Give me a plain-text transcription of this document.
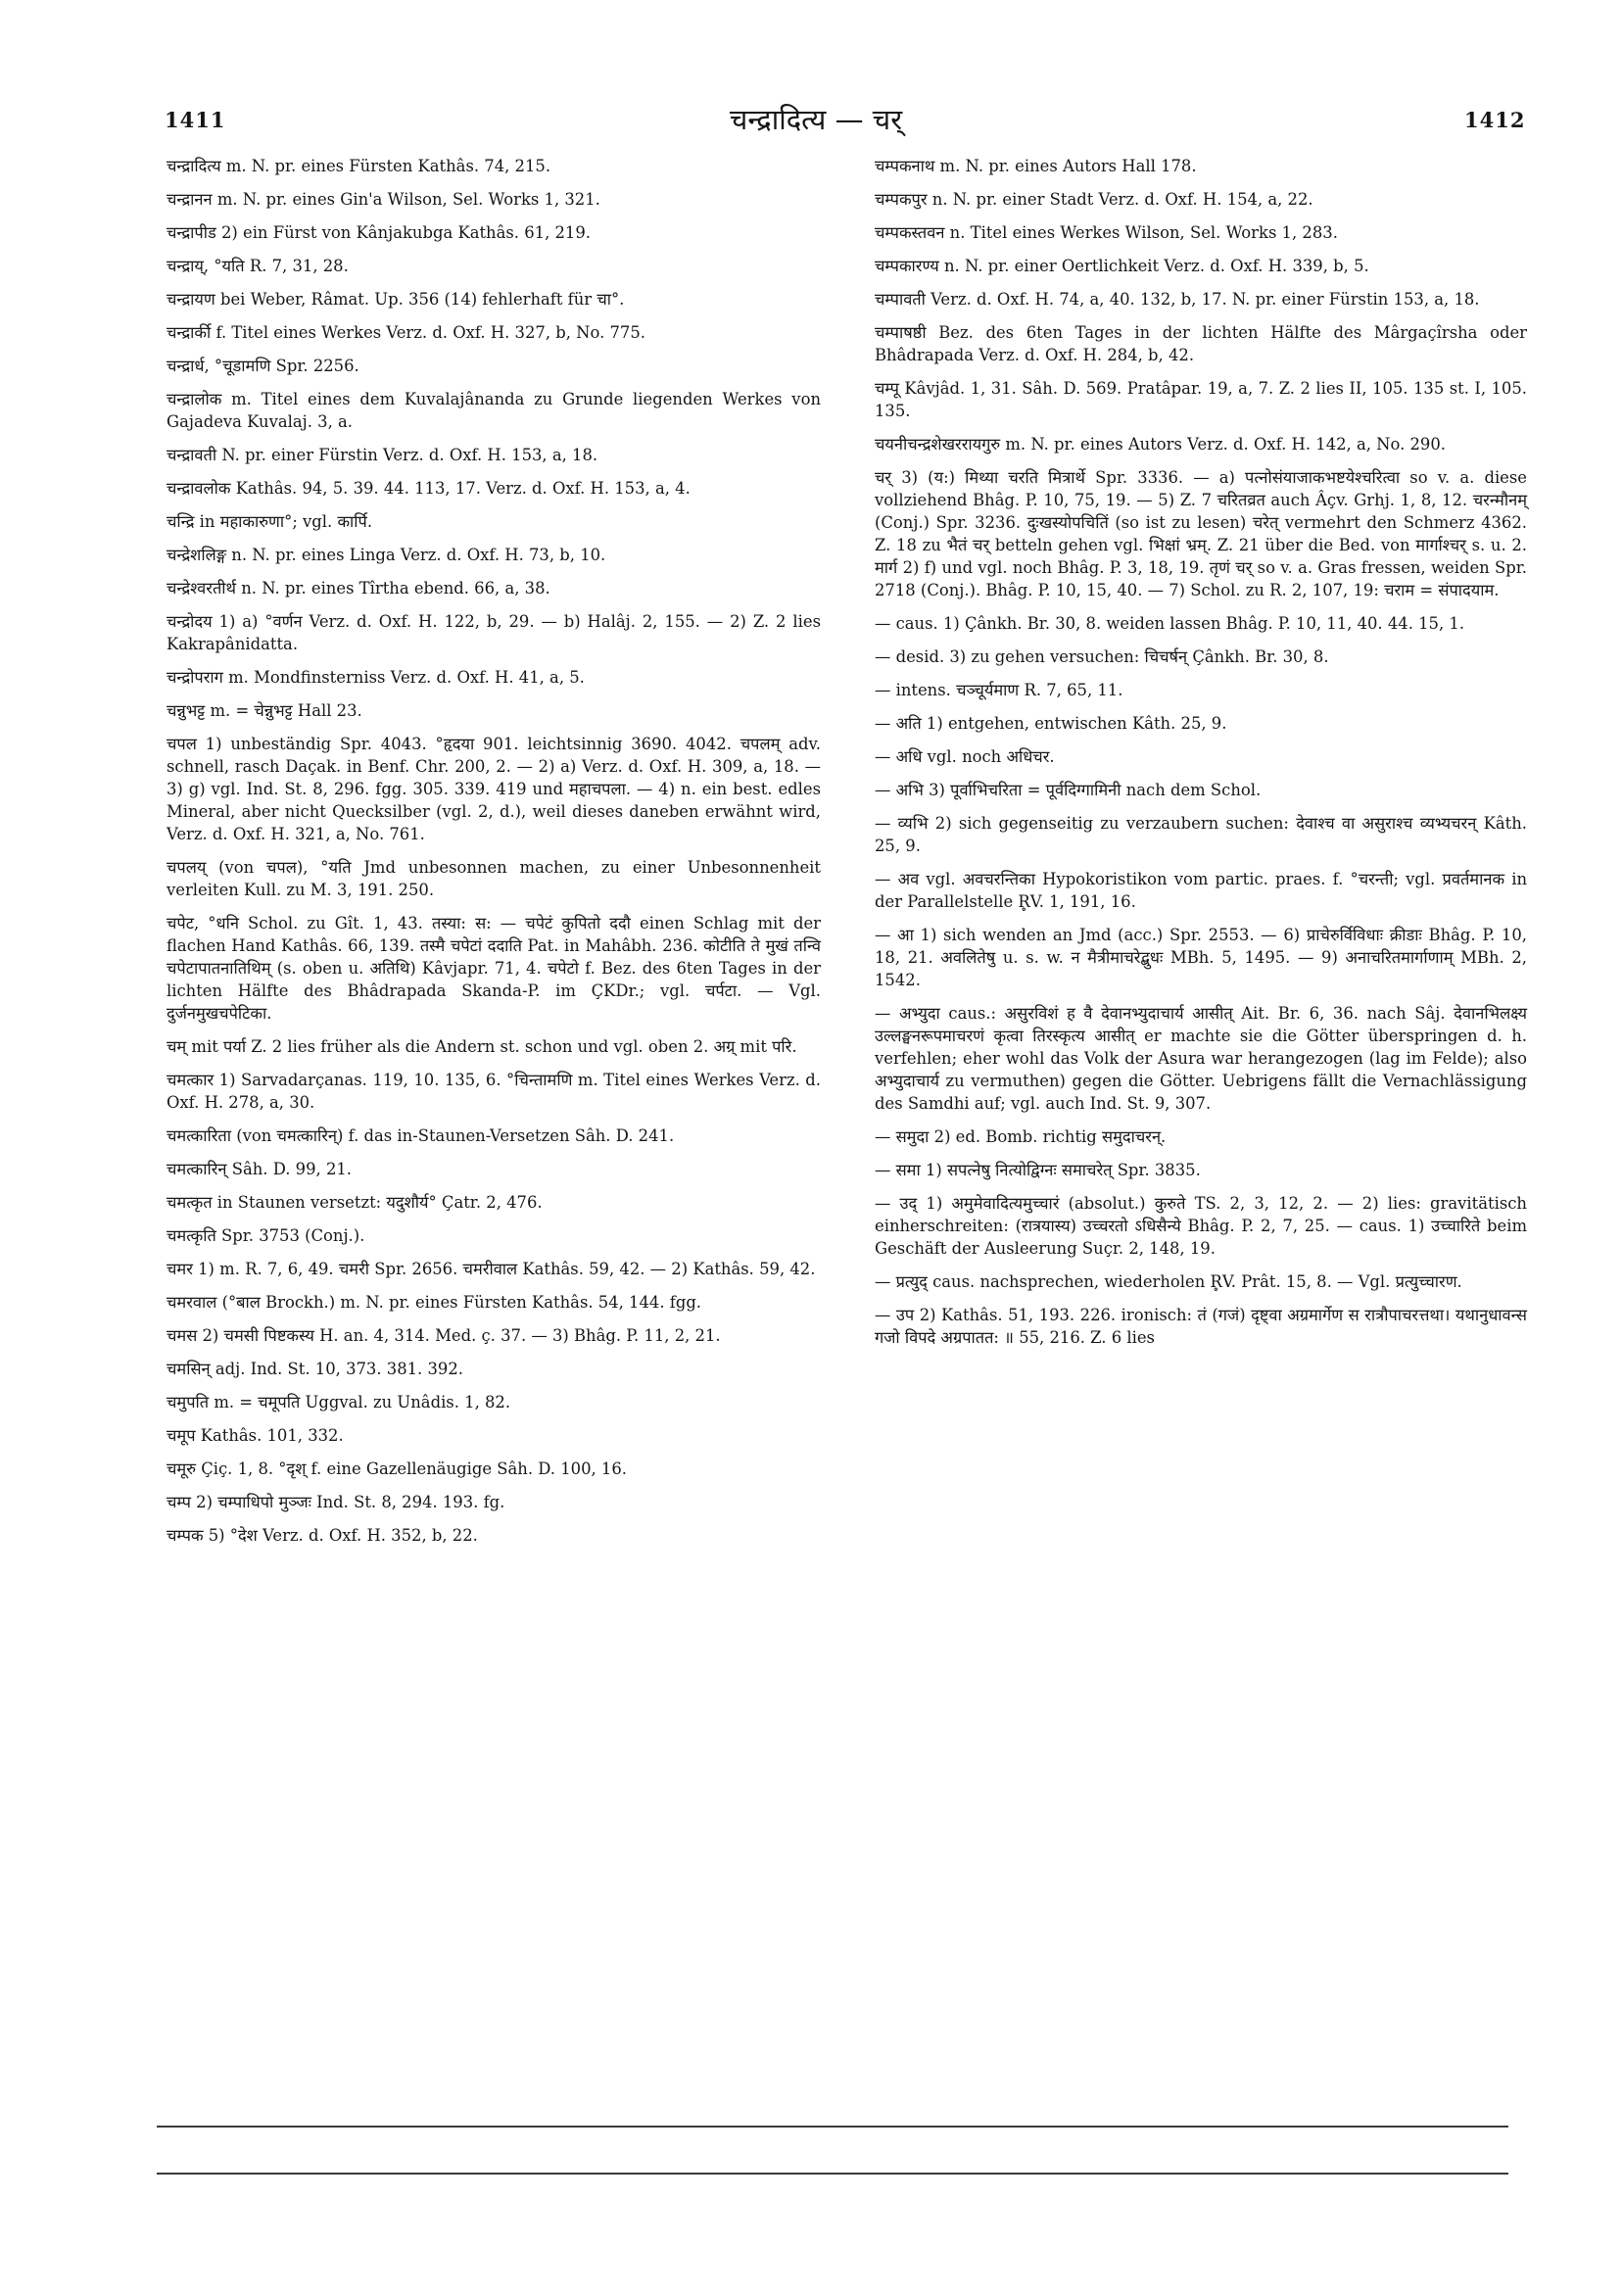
1411	चन्द्रादित्य — चर्	1412

चन्द्रादित्य m. N. pr. eines Fürsten Kathâs. 74, 215.

चन्द्रानन m. N. pr. eines Gin'a Wilson, Sel. Works 1, 321.

चन्द्रापीड 2) ein Fürst von Kânjakubga Kathâs. 61, 219.

चन्द्राय्, °यति R. 7, 31, 28.

चन्द्रायण bei Weber, Râmat. Up. 356 (14) fehlerhaft für चा°.

चन्द्रार्की f. Titel eines Werkes Verz. d. Oxf. H. 327, b, No. 775.

चन्द्रार्ध, °चूडामणि Spr. 2256.

चन्द्रालोक m. Titel eines dem Kuvalajânanda zu Grunde liegenden Werkes von Gajadeva Kuvalaj. 3, a.

चन्द्रावती N. pr. einer Fürstin Verz. d. Oxf. H. 153, a, 18.

चन्द्रावलोक Kathâs. 94, 5. 39. 44. 113, 17. Verz. d. Oxf. H. 153, a, 4.

चन्द्रि in महाकारुणा°; vgl. कार्पि.

चन्द्रेशलिङ्ग n. N. pr. eines Linga Verz. d. Oxf. H. 73, b, 10.

चन्द्रेश्वरतीर्थ n. N. pr. eines Tîrtha ebend. 66, a, 38.

चन्द्रोदय 1) a) °वर्णन Verz. d. Oxf. H. 122, b, 29. — b) Halâj. 2, 155. — 2) Z. 2 lies Kakrapânidatta.

चन्द्रोपराग m. Mondfinsterniss Verz. d. Oxf. H. 41, a, 5.

चन्नुभट्ट m. = चेन्नुभट्ट Hall 23.

चपल 1) unbeständig Spr. 4043. °हृदया 901. leichtsinnig 3690. 4042. चपलम् adv. schnell, rasch Daçak. in Benf. Chr. 200, 2. — 2) a) Verz. d. Oxf. H. 309, a, 18. — 3) g) vgl. Ind. St. 8, 296. fgg. 305. 339. 419 und महाचपला. — 4) n. ein best. edles Mineral, aber nicht Quecksilber (vgl. 2, d.), weil dieses daneben erwähnt wird, Verz. d. Oxf. H. 321, a, No. 761.

चपलय् (von चपल), °यति Jmd unbesonnen machen, zu einer Unbesonnenheit verleiten Kull. zu M. 3, 191. 250.

चपेट, °धनि Schol. zu Gît. 1, 43. तस्या: स: — चपेटं कुपितो ददौ einen Schlag mit der flachen Hand Kathâs. 66, 139. तस्मै चपेटां ददाति Pat. in Mahâbh. 236. कोटीति ते मुखं तन्वि चपेटापातनातिथिम् (s. oben u. अतिथि) Kâvjapr. 71, 4. चपेटो f. Bez. des 6ten Tages in der lichten Hälfte des Bhâdrapada Skanda-P. im ÇKDr.; vgl. चर्पटा. — Vgl. दुर्जनमुखचपेटिका.

चम् mit पर्या Z. 2 lies früher als die Andern st. schon und vgl. oben 2. अग्र् mit परि.

चमत्कार 1) Sarvadarçanas. 119, 10. 135, 6. °चिन्तामणि m. Titel eines Werkes Verz. d. Oxf. H. 278, a, 30.

चमत्कारिता (von चमत्कारिन्) f. das in-Staunen-Versetzen Sâh. D. 241.

चमत्कारिन् Sâh. D. 99, 21.

चमत्कृत in Staunen versetzt: यदुशौर्य° Çatr. 2, 476.

चमत्कृति Spr. 3753 (Conj.).

चमर 1) m. R. 7, 6, 49. चमरी Spr. 2656. चमरीवाल Kathâs. 59, 42. — 2) Kathâs. 59, 42.

चमरवाल (°बाल Brockh.) m. N. pr. eines Fürsten Kathâs. 54, 144. fgg.

चमस 2) चमसी पिष्टकस्य H. an. 4, 314. Med. ç. 37. — 3) Bhâg. P. 11, 2, 21.

चमसिन् adj. Ind. St. 10, 373. 381. 392.

चमुपति m. = चमूपति Uggval. zu Unâdis. 1, 82.

चमूप Kathâs. 101, 332.

चमूरु Çiç. 1, 8. °दृश् f. eine Gazellenäugige Sâh. D. 100, 16.

चम्प 2) चम्पाधिपो मुञ्जः Ind. St. 8, 294. 193. fg.

चम्पक 5) °देश Verz. d. Oxf. H. 352, b, 22.

चम्पकनाथ m. N. pr. eines Autors Hall 178.

चम्पकपुर n. N. pr. einer Stadt Verz. d. Oxf. H. 154, a, 22.

चम्पकस्तवन n. Titel eines Werkes Wilson, Sel. Works 1, 283.

चम्पकारण्य n. N. pr. einer Oertlichkeit Verz. d. Oxf. H. 339, b, 5.

चम्पावती Verz. d. Oxf. H. 74, a, 40. 132, b, 17. N. pr. einer Fürstin 153, a, 18.

चम्पाषष्ठी Bez. des 6ten Tages in der lichten Hälfte des Mârgaçîrsha oder Bhâdrapada Verz. d. Oxf. H. 284, b, 42.

चम्पू Kâvjâd. 1, 31. Sâh. D. 569. Pratâpar. 19, a, 7. Z. 2 lies II, 105. 135 st. I, 105. 135.

चयनीचन्द्रशेखररायगुरु m. N. pr. eines Autors Verz. d. Oxf. H. 142, a, No. 290.

चर् 3) (य:) मिथ्या चरति मित्रार्थे Spr. 3336. — a) पत्नोसंयाजाकभष्टयेश्चरित्वा so v. a. diese vollziehend Bhâg. P. 10, 75, 19. — 5) Z. 7 चरितव्रत auch Âçv. Grhj. 1, 8, 12. चरन्मौनम् (Conj.) Spr. 3236. दुःखस्योपचितिं (so ist zu lesen) चरेत् vermehrt den Schmerz 4362. Z. 18 zu भैतं चर् betteln gehen vgl. भिक्षां भ्रम्. Z. 21 über die Bed. von मार्गाश्चर् s. u. 2. मार्ग 2) f) und vgl. noch Bhâg. P. 3, 18, 19. तृणं चर् so v. a. Gras fressen, weiden Spr. 2718 (Conj.). Bhâg. P. 10, 15, 40. — 7) Schol. zu R. 2, 107, 19: चराम = संपादयाम.

— caus. 1) Çânkh. Br. 30, 8. weiden lassen Bhâg. P. 10, 11, 40. 44. 15, 1.

— desid. 3) zu gehen versuchen: चिचर्षन् Çânkh. Br. 30, 8.

— intens. चञ्चूर्यमाण R. 7, 65, 11.

— अति 1) entgehen, entwischen Kâth. 25, 9.

— अधि vgl. noch अधिचर.

— अभि 3) पूर्वाभिचरिता = पूर्वदिग्गामिनी nach dem Schol.

— व्यभि 2) sich gegenseitig zu verzaubern suchen: देवाश्च वा असुराश्च व्यभ्यचरन् Kâth. 25, 9.

— अव vgl. अवचरन्तिका Hypokoristikon vom partic. praes. f. °चरन्ती; vgl. प्रवर्तमानक in der Parallelstelle R̥V. 1, 191, 16.

— आ 1) sich wenden an Jmd (acc.) Spr. 2553. — 6) प्राचेरुर्विविधाः क्रीडाः Bhâg. P. 10, 18, 21. अवलितेषु u. s. w. न मैत्रीमाचरेद्बुधः MBh. 5, 1495. — 9) अनाचरितमार्गाणाम् MBh. 2, 1542.

— अभ्युदा caus.: असुरविशं ह वै देवानभ्युदाचार्य आसीत् Ait. Br. 6, 36. nach Sâj. देवानभिलक्ष्य उल्लङ्घनरूपमाचरणं कृत्वा तिरस्कृत्य आसीत् er machte sie die Götter überspringen d. h. verfehlen; eher wohl das Volk der Asura war herangezogen (lag im Felde); also अभ्युदाचार्य zu vermuthen) gegen die Götter. Uebrigens fällt die Vernachlässigung des Samdhi auf; vgl. auch Ind. St. 9, 307.

— समुदा 2) ed. Bomb. richtig समुदाचरन्.

— समा 1) सपत्नेषु नित्योद्विग्नः समाचरेत् Spr. 3835.

— उद् 1) अमुमेवादित्यमुच्चारं (absolut.) कुरुते TS. 2, 3, 12, 2. — 2) lies: gravitätisch einherschreiten: (रात्रयास्य) उच्चरतो ऽधिसैन्ये Bhâg. P. 2, 7, 25. — caus. 1) उच्चारिते beim Geschäft der Ausleerung Suçr. 2, 148, 19.

— प्रत्युद् caus. nachsprechen, wiederholen R̥V. Prât. 15, 8. — Vgl. प्रत्युच्चारण.

— उप 2) Kathâs. 51, 193. 226. ironisch: तं (गजं) दृष्ट्वा अग्रमार्गेण स रात्रौपाचरत्तथा। यथानुधावन्स गजो विपदे अग्रपातत: ॥ 55, 216. Z. 6 lies
